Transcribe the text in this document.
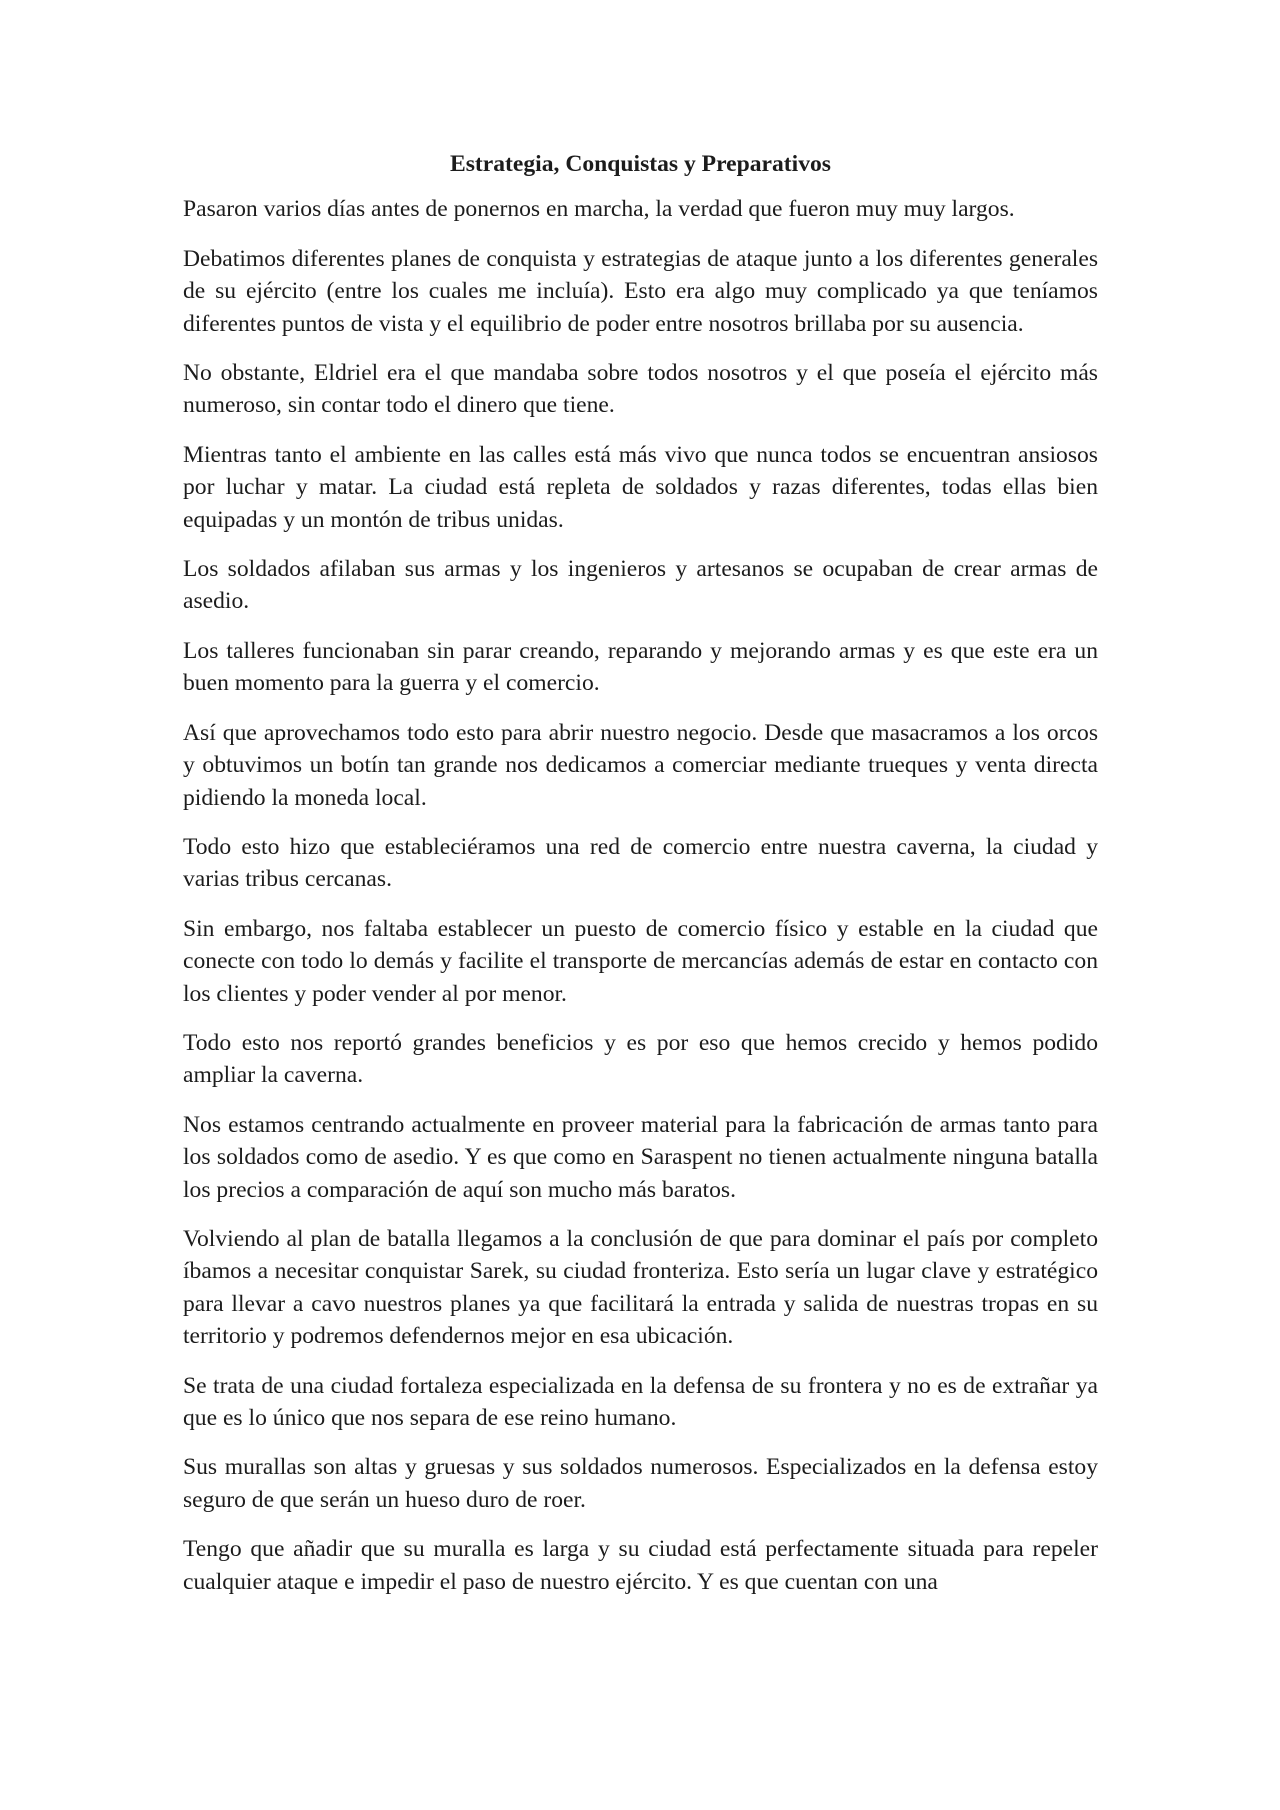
Estrategia, Conquistas y Preparativos

Pasaron varios días antes de ponernos en marcha, la verdad que fueron muy muy largos.

Debatimos diferentes planes de conquista y estrategias de ataque junto a los diferentes generales de su ejército (entre los cuales me incluía). Esto era algo muy complicado ya que teníamos diferentes puntos de vista y el equilibrio de poder entre nosotros brillaba por su ausencia.

No obstante, Eldriel era el que mandaba sobre todos nosotros y el que poseía el ejército más numeroso, sin contar todo el dinero que tiene.

Mientras tanto el ambiente en las calles está más vivo que nunca todos se encuentran ansiosos por luchar y matar. La ciudad está repleta de soldados y razas diferentes, todas ellas bien equipadas y un montón de tribus unidas.

Los soldados afilaban sus armas y los ingenieros y artesanos se ocupaban de crear armas de asedio.

Los talleres funcionaban sin parar creando, reparando y mejorando armas y es que este era un buen momento para la guerra y el comercio.

Así que aprovechamos todo esto para abrir nuestro negocio. Desde que masacramos a los orcos y obtuvimos un botín tan grande nos dedicamos a comerciar mediante trueques y venta directa pidiendo la moneda local.

Todo esto hizo que estableciéramos una red de comercio entre nuestra caverna, la ciudad y varias tribus cercanas.

Sin embargo, nos faltaba establecer un puesto de comercio físico y estable en la ciudad que conecte con todo lo demás y facilite el transporte de mercancías además de estar en contacto con los clientes y poder vender al por menor.

Todo esto nos reportó grandes beneficios y es por eso que hemos crecido y hemos podido ampliar la caverna.

Nos estamos centrando actualmente en proveer material para la fabricación de armas tanto para los soldados como de asedio. Y es que como en Saraspent no tienen actualmente ninguna batalla los precios a comparación de aquí son mucho más baratos.

Volviendo al plan de batalla llegamos a la conclusión de que para dominar el país por completo íbamos a necesitar conquistar Sarek, su ciudad fronteriza. Esto sería un lugar clave y estratégico para llevar a cavo nuestros planes ya que facilitará la entrada y salida de nuestras tropas en su territorio y podremos defendernos mejor en esa ubicación.

Se trata de una ciudad fortaleza especializada en la defensa de su frontera y no es de extrañar ya que es lo único que nos separa de ese reino humano.

Sus murallas son altas y gruesas y sus soldados numerosos. Especializados en la defensa estoy seguro de que serán un hueso duro de roer.

Tengo que añadir que su muralla es larga y su ciudad está perfectamente situada para repeler cualquier ataque e impedir el paso de nuestro ejército. Y es que cuentan con una
